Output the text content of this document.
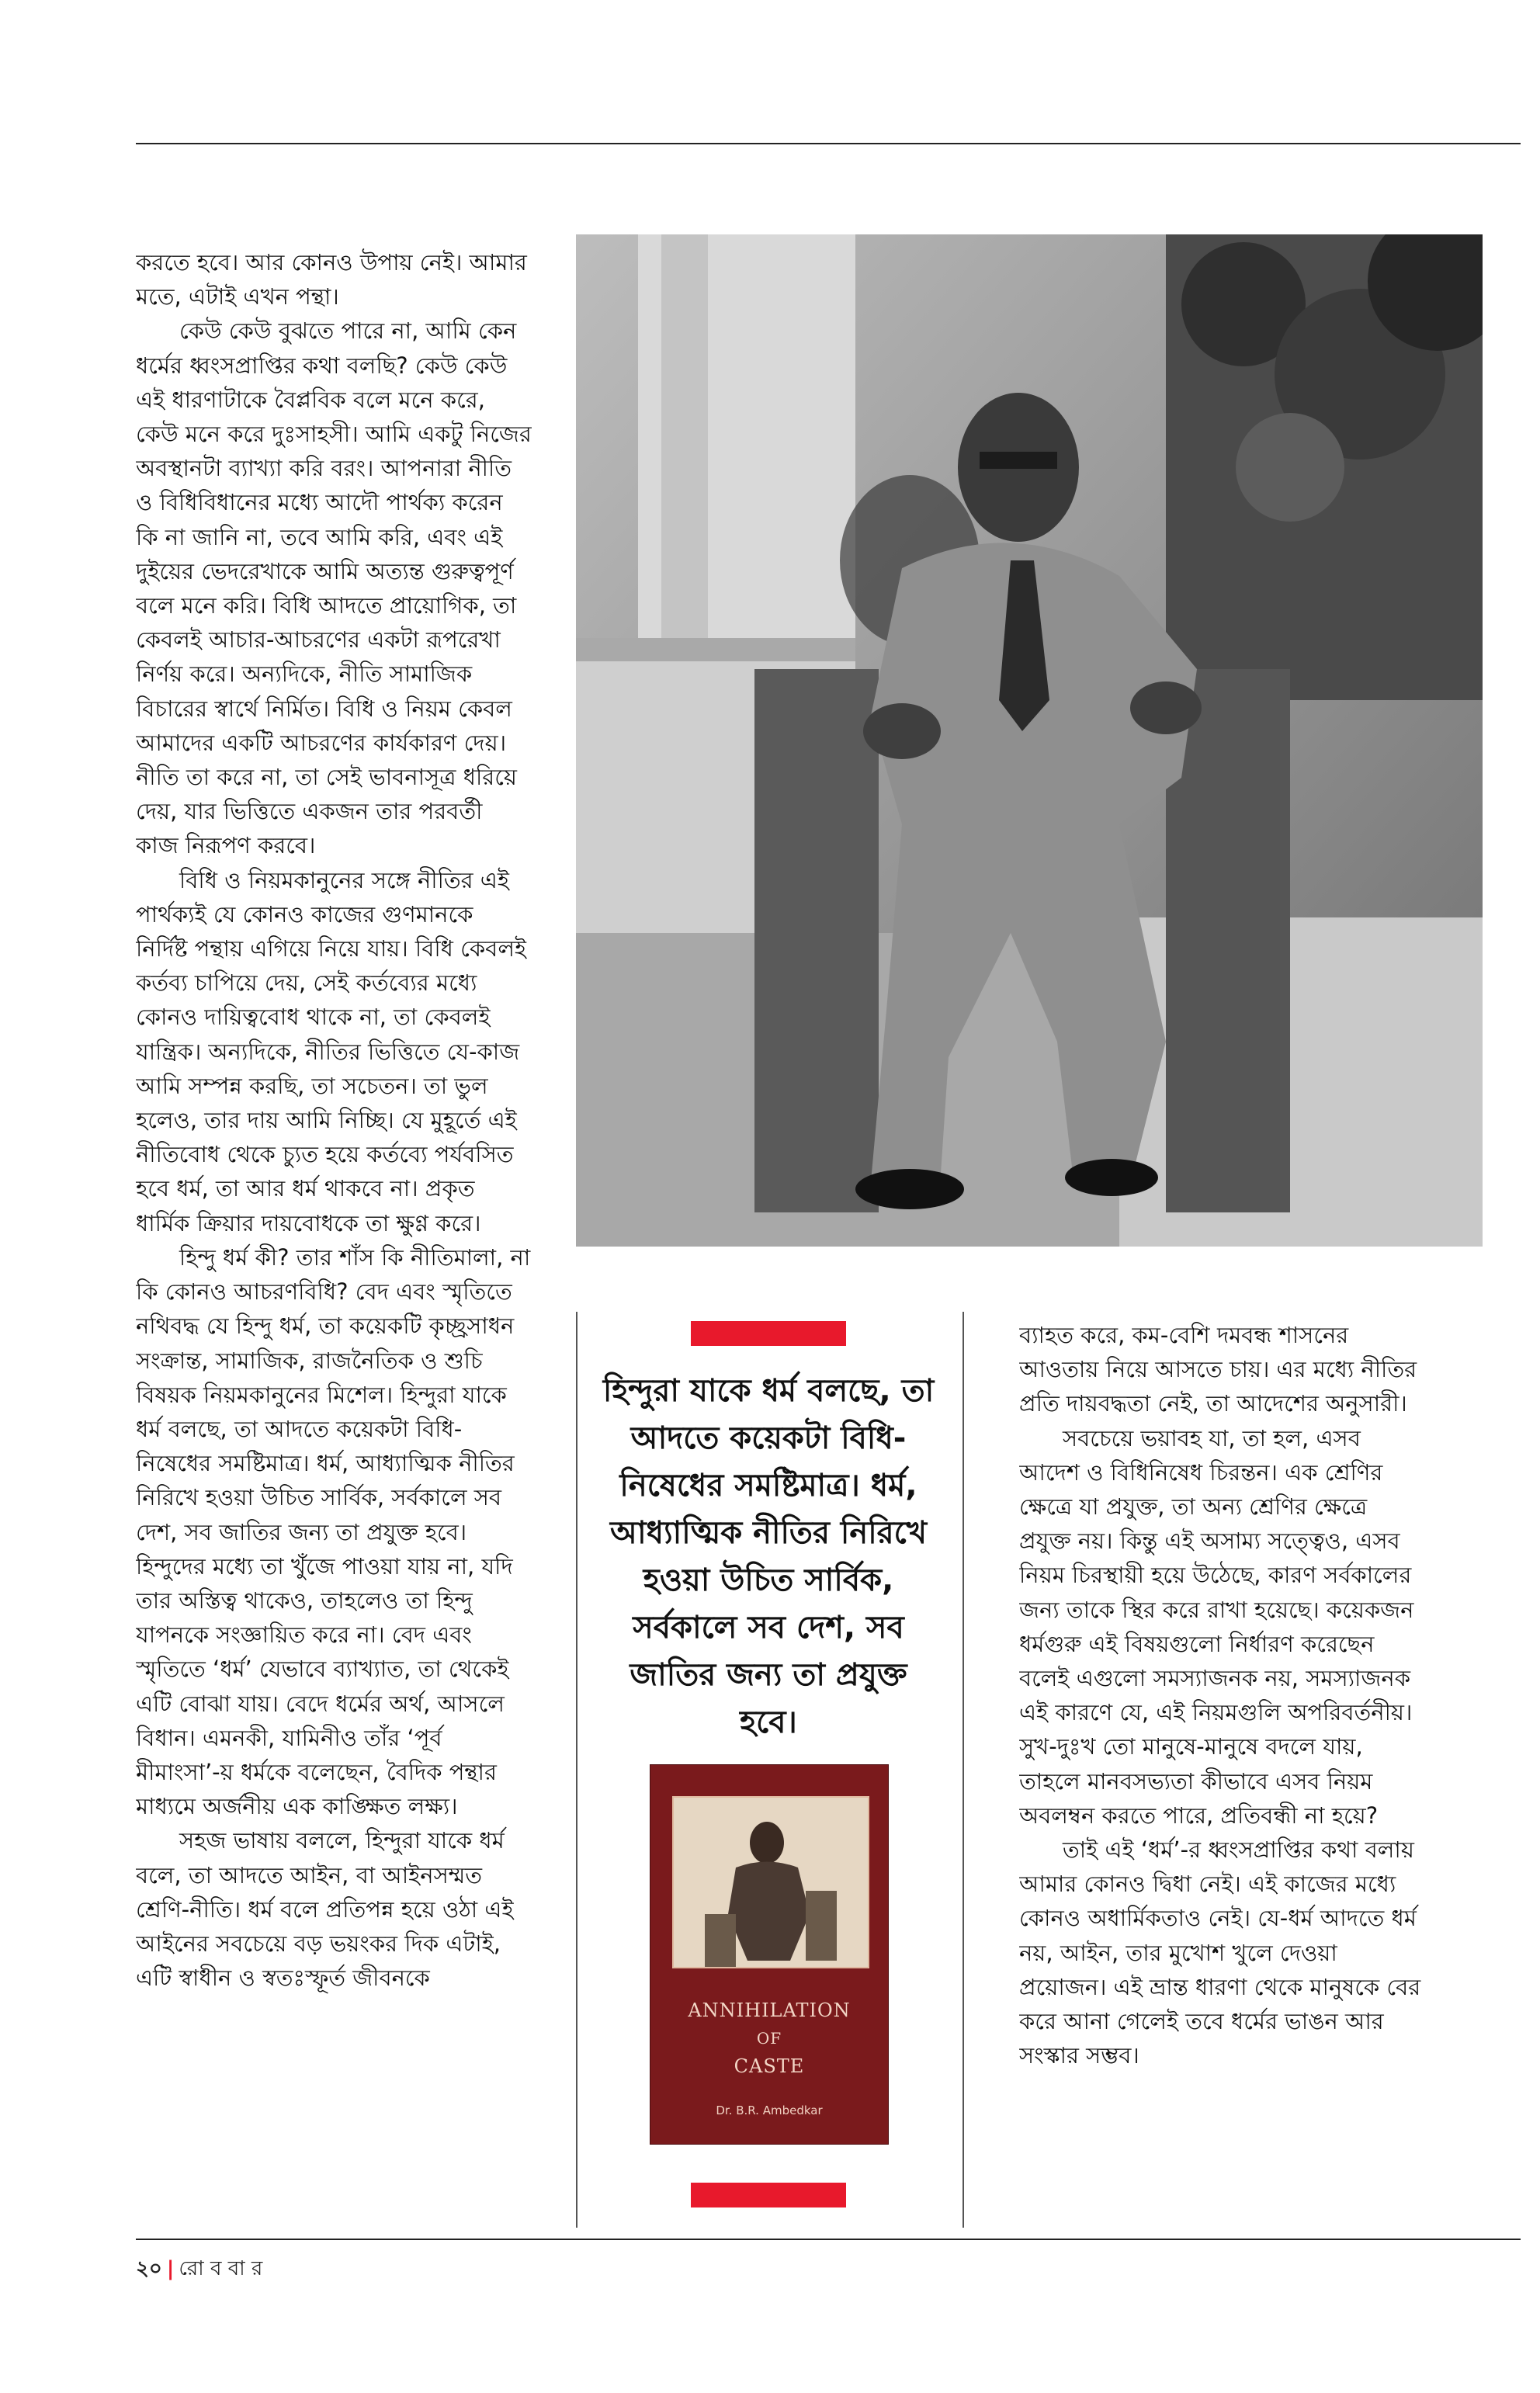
করতে হবে। আর কোনও উপায় নেই। আমার মতে, এটাই এখন পন্থা।

কেউ কেউ বুঝতে পারে না, আমি কেন ধর্মের ধ্বংসপ্রাপ্তির কথা বলছি? কেউ কেউ এই ধারণাটাকে বৈপ্লবিক বলে মনে করে, কেউ মনে করে দুঃসাহসী। আমি একটু নিজের অবস্থানটা ব্যাখ্যা করি বরং। আপনারা নীতি ও বিধিবিধানের মধ্যে আদৌ পার্থক্য করেন কি না জানি না, তবে আমি করি, এবং এই দুইয়ের ভেদরেখাকে আমি অত্যন্ত গুরুত্বপূর্ণ বলে মনে করি। বিধি আদতে প্রায়োগিক, তা কেবলই আচার-আচরণের একটা রূপরেখা নির্ণয় করে। অন্যদিকে, নীতি সামাজিক বিচারের স্বার্থে নির্মিত। বিধি ও নিয়ম কেবল আমাদের একটি আচরণের কার্যকারণ দেয়। নীতি তা করে না, তা সেই ভাবনাসূত্র ধরিয়ে দেয়, যার ভিত্তিতে একজন তার পরবর্তী কাজ নিরূপণ করবে।

বিধি ও নিয়মকানুনের সঙ্গে নীতির এই পার্থক্যই যে কোনও কাজের গুণমানকে নির্দিষ্ট পন্থায় এগিয়ে নিয়ে যায়। বিধি কেবলই কর্তব্য চাপিয়ে দেয়, সেই কর্তব্যের মধ্যে কোনও দায়িত্ববোধ থাকে না, তা কেবলই যান্ত্রিক। অন্যদিকে, নীতির ভিত্তিতে যে-কাজ আমি সম্পন্ন করছি, তা সচেতন। তা ভুল হলেও, তার দায় আমি নিচ্ছি। যে মুহূর্তে এই নীতিবোধ থেকে চ্যুত হয়ে কর্তব্যে পর্যবসিত হবে ধর্ম, তা আর ধর্ম থাকবে না। প্রকৃত ধার্মিক ক্রিয়ার দায়বোধকে তা ক্ষুণ্ণ করে।

হিন্দু ধর্ম কী? তার শাঁস কি নীতিমালা, না কি কোনও আচরণবিধি? বেদ এবং স্মৃতিতে নথিবদ্ধ যে হিন্দু ধর্ম, তা কয়েকটি কৃচ্ছ্রসাধন সংক্রান্ত, সামাজিক, রাজনৈতিক ও শুচি বিষয়ক নিয়মকানুনের মিশেল। হিন্দুরা যাকে ধর্ম বলছে, তা আদতে কয়েকটা বিধি-নিষেধের সমষ্টিমাত্র। ধর্ম, আধ্যাত্মিক নীতির নিরিখে হওয়া উচিত সার্বিক, সর্বকালে সব দেশ, সব জাতির জন্য তা প্রযুক্ত হবে। হিন্দুদের মধ্যে তা খুঁজে পাওয়া যায় না, যদি তার অস্তিত্ব থাকেও, তাহলেও তা হিন্দু যাপনকে সংজ্ঞায়িত করে না। বেদ এবং স্মৃতিতে ‘ধর্ম’ যেভাবে ব্যাখ্যাত, তা থেকেই এটি বোঝা যায়। বেদে ধর্মের অর্থ, আসলে বিধান। এমনকী, যামিনীও তাঁর ‘পূর্ব মীমাংসা’-য় ধর্মকে বলেছেন, বৈদিক পন্থার মাধ্যমে অর্জনীয় এক কাঙ্ক্ষিত লক্ষ্য।

সহজ ভাষায় বললে, হিন্দুরা যাকে ধর্ম বলে, তা আদতে আইন, বা আইনসম্মত শ্রেণি-নীতি। ধর্ম বলে প্রতিপন্ন হয়ে ওঠা এই আইনের সবচেয়ে বড় ভয়ংকর দিক এটাই, এটি স্বাধীন ও স্বতঃস্ফূর্ত জীবনকে

হিন্দুরা যাকে ধর্ম বলছে, তা আদতে কয়েকটা বিধি-নিষেধের সমষ্টিমাত্র। ধর্ম, আধ্যাত্মিক নীতির নিরিখে হওয়া উচিত সার্বিক, সর্বকালে সব দেশ, সব জাতির জন্য তা প্রযুক্ত হবে।
ANNIHILATION
OF
CASTE
Dr. B.R. Ambedkar

ব্যাহত করে, কম-বেশি দমবন্ধ শাসনের আওতায় নিয়ে আসতে চায়। এর মধ্যে নীতির প্রতি দায়বদ্ধতা নেই, তা আদেশের অনুসারী।

সবচেয়ে ভয়াবহ যা, তা হল, এসব আদেশ ও বিধিনিষেধ চিরন্তন। এক শ্রেণির ক্ষেত্রে যা প্রযুক্ত, তা অন্য শ্রেণির ক্ষেত্রে প্রযুক্ত নয়। কিন্তু এই অসাম্য সত্ত্বেও, এসব নিয়ম চিরস্থায়ী হয়ে উঠেছে, কারণ সর্বকালের জন্য তাকে স্থির করে রাখা হয়েছে। কয়েকজন ধর্মগুরু এই বিষয়গুলো নির্ধারণ করেছেন বলেই এগুলো সমস্যাজনক নয়, সমস্যাজনক এই কারণে যে, এই নিয়মগুলি অপরিবর্তনীয়। সুখ-দুঃখ তো মানুষে-মানুষে বদলে যায়, তাহলে মানবসভ্যতা কীভাবে এসব নিয়ম অবলম্বন করতে পারে, প্রতিবন্ধী না হয়ে?

তাই এই ‘ধর্ম’-র ধ্বংসপ্রাপ্তির কথা বলায় আমার কোনও দ্বিধা নেই। এই কাজের মধ্যে কোনও অধার্মিকতাও নেই। যে-ধর্ম আদতে ধর্ম নয়, আইন, তার মুখোশ খুলে দেওয়া প্রয়োজন। এই ভ্রান্ত ধারণা থেকে মানুষকে বের করে আনা গেলেই তবে ধর্মের ভাঙন আর সংস্কার সম্ভব।

২০ | রো ব বা র
